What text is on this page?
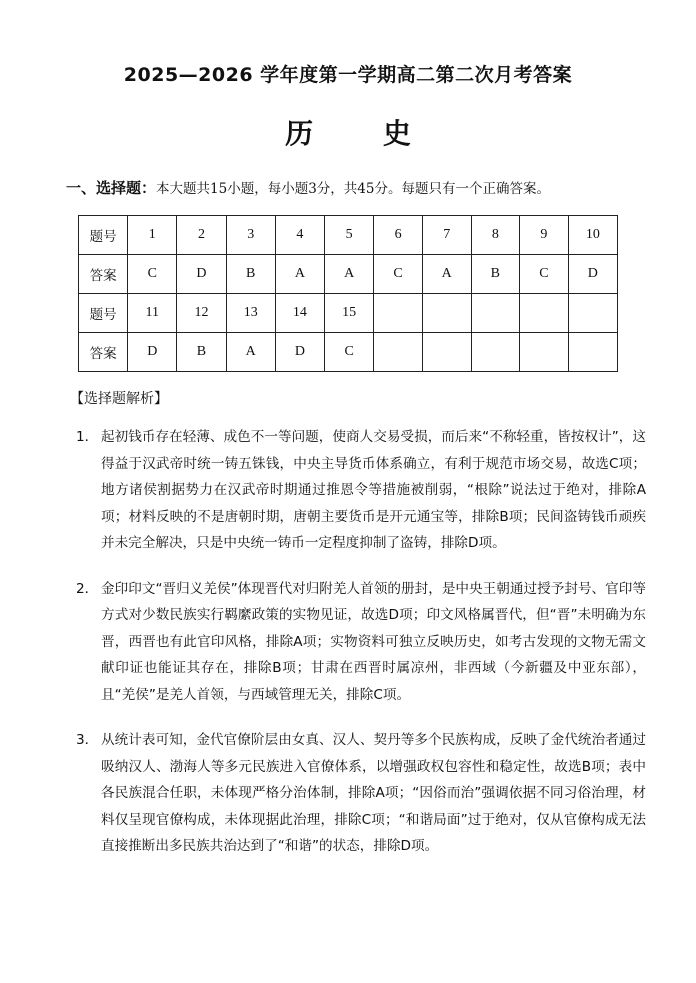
2025—2026 学年度第一学期高二第二次月考答案
历 史
一、选择题：本大题共15小题，每小题3分，共45分。每题只有一个正确答案。
题号	1	2	3	4	5	6	7	8	9	10
答案	C	D	B	A	A	C	A	B	C	D
题号	11	12	13	14	15					
答案	D	B	A	D	C					
【选择题解析】
1． 起初钱币存在轻薄、成色不一等问题，使商人交易受损，而后来“不称轻重，皆按权计”，这得益于汉武帝时统一铸五铢钱，中央主导货币体系确立，有利于规范市场交易，故选C项；地方诸侯割据势力在汉武帝时期通过推恩令等措施被削弱，“根除”说法过于绝对，排除A项；材料反映的不是唐朝时期，唐朝主要货币是开元通宝等，排除B项；民间盗铸钱币顽疾并未完全解决，只是中央统一铸币一定程度抑制了盗铸，排除D项。
2． 金印印文“晋归义羌侯”体现晋代对归附羌人首领的册封，是中央王朝通过授予封号、官印等方式对少数民族实行羁縻政策的实物见证，故选D项；印文风格属晋代，但“晋”未明确为东晋，西晋也有此官印风格，排除A项；实物资料可独立反映历史，如考古发现的文物无需文献印证也能证其存在，排除B项；甘肃在西晋时属凉州，非西域（今新疆及中亚东部），且“羌侯”是羌人首领，与西域管理无关，排除C项。
3． 从统计表可知，金代官僚阶层由女真、汉人、契丹等多个民族构成，反映了金代统治者通过吸纳汉人、渤海人等多元民族进入官僚体系，以增强政权包容性和稳定性，故选B项；表中各民族混合任职，未体现严格分治体制，排除A项；“因俗而治”强调依据不同习俗治理，材料仅呈现官僚构成，未体现据此治理，排除C项；“和谐局面”过于绝对，仅从官僚构成无法直接推断出多民族共治达到了“和谐”的状态，排除D项。
